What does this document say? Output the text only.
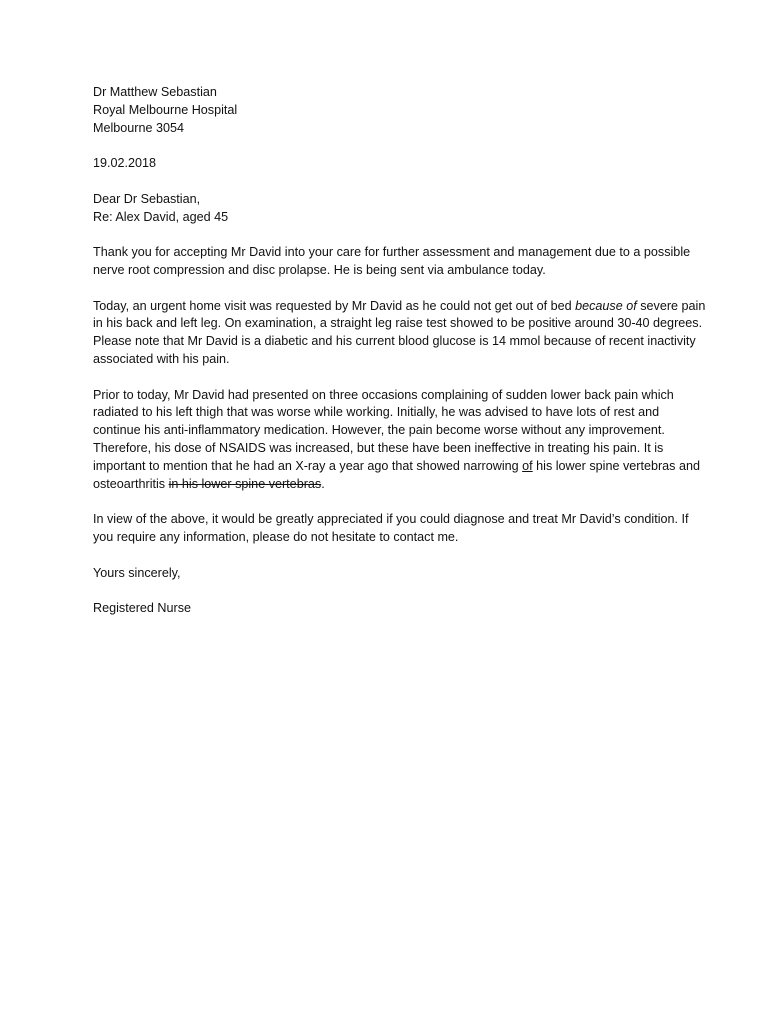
Dr Matthew Sebastian
Royal Melbourne Hospital
Melbourne 3054
19.02.2018
Dear Dr Sebastian,
Re: Alex David, aged 45

Thank you for accepting Mr David into your care for further assessment and management due to a possible nerve root compression and disc prolapse. He is being sent via ambulance today.

Today, an urgent home visit was requested by Mr David as he could not get out of bed because of severe pain in his back and left leg. On examination, a straight leg raise test showed to be positive around 30-40 degrees. Please note that Mr David is a diabetic and his current blood glucose is 14 mmol because of recent inactivity associated with his pain.

Prior to today, Mr David had presented on three occasions complaining of sudden lower back pain which radiated to his left thigh that was worse while working. Initially, he was advised to have lots of rest and continue his anti-inflammatory medication. However, the pain become worse without any improvement. Therefore, his dose of NSAIDS was increased, but these have been ineffective in treating his pain. It is important to mention that he had an X-ray a year ago that showed narrowing of his lower spine vertebras and osteoarthritis in his lower spine vertebras.

In view of the above, it would be greatly appreciated if you could diagnose and treat Mr David’s condition. If you require any information, please do not hesitate to contact me.

Yours sincerely,
Registered Nurse
